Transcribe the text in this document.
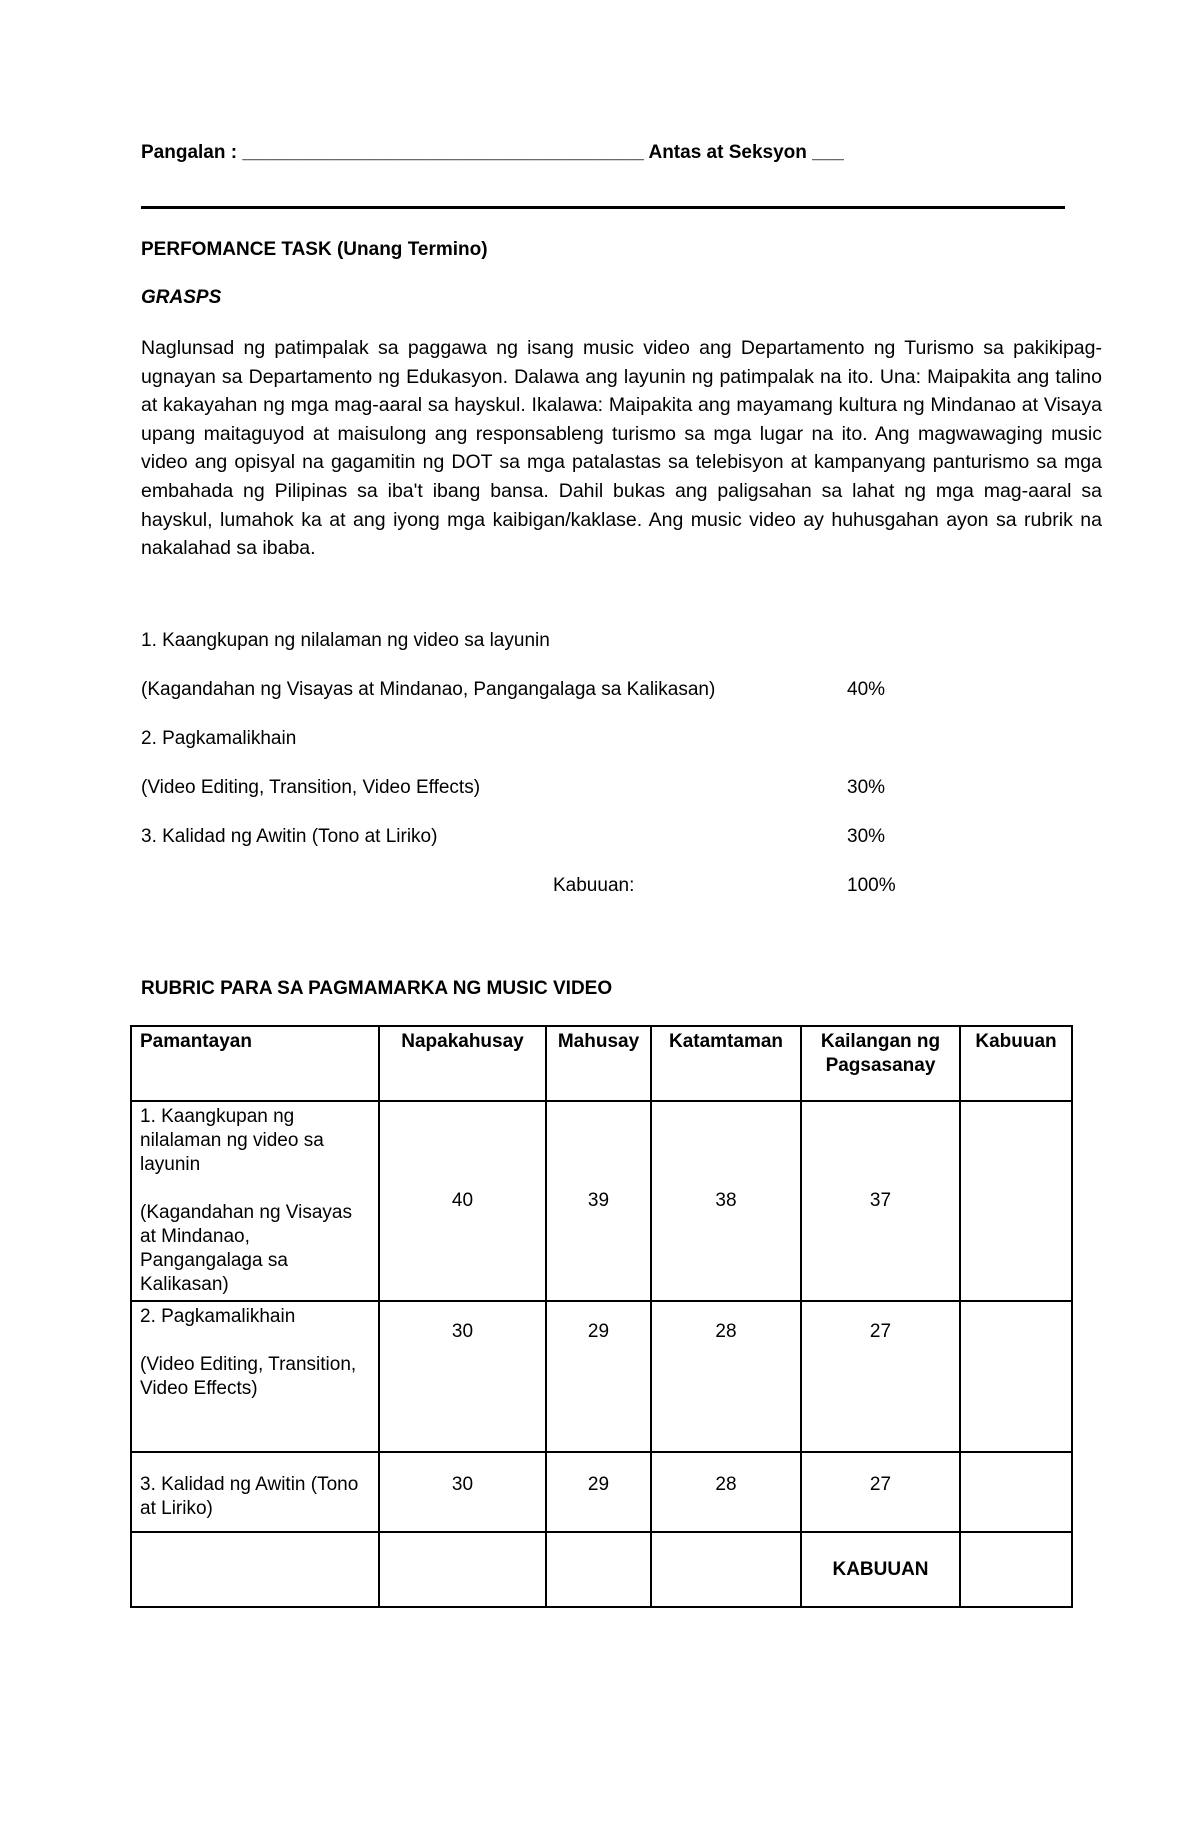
Pangalan : ______________________________________ Antas at Seksyon ___
PERFOMANCE TASK (Unang Termino)
GRASPS
Naglunsad ng patimpalak sa paggawa ng isang music video ang Departamento ng Turismo sa pakikipag-ugnayan sa Departamento ng Edukasyon. Dalawa ang layunin ng patimpalak na ito. Una: Maipakita ang talino at kakayahan ng mga mag-aaral sa hayskul. Ikalawa: Maipakita ang mayamang kultura ng Mindanao at Visaya upang maitaguyod at maisulong ang responsableng turismo sa mga lugar na ito. Ang magwawaging music video ang opisyal na gagamitin ng DOT sa mga patalastas sa telebisyon at kampanyang panturismo sa mga embahada ng Pilipinas sa iba't ibang bansa. Dahil bukas ang paligsahan sa lahat ng mga mag-aaral sa hayskul, lumahok ka at ang iyong mga kaibigan/kaklase. Ang music video ay huhusgahan ayon sa rubrik na nakalahad sa ibaba.
1. Kaangkupan ng nilalaman ng video sa layunin
(Kagandahan ng Visayas at Mindanao, Pangangalaga sa Kalikasan)	40%
2. Pagkamalikhain
(Video Editing, Transition, Video Effects)	30%
3. Kalidad ng Awitin (Tono at Liriko)	30%
Kabuuan:	100%
RUBRIC PARA SA PAGMAMARKA NG MUSIC VIDEO
Pamantayan	Napakahusay	Mahusay	Katamtaman	Kailangan ng Pagsasanay	Kabuuan

1. Kaangkupan ng nilalaman ng video sa layunin
(Kagandahan ng Visayas at Mindanao, Pangangalaga sa Kalikasan)	40	39	38	37	

2. Pagkamalikhain
(Video Editing, Transition, Video Effects)	30	29	28	27	

3. Kalidad ng Awitin (Tono at Liriko)	30	29	28	27	
				KABUUAN	
